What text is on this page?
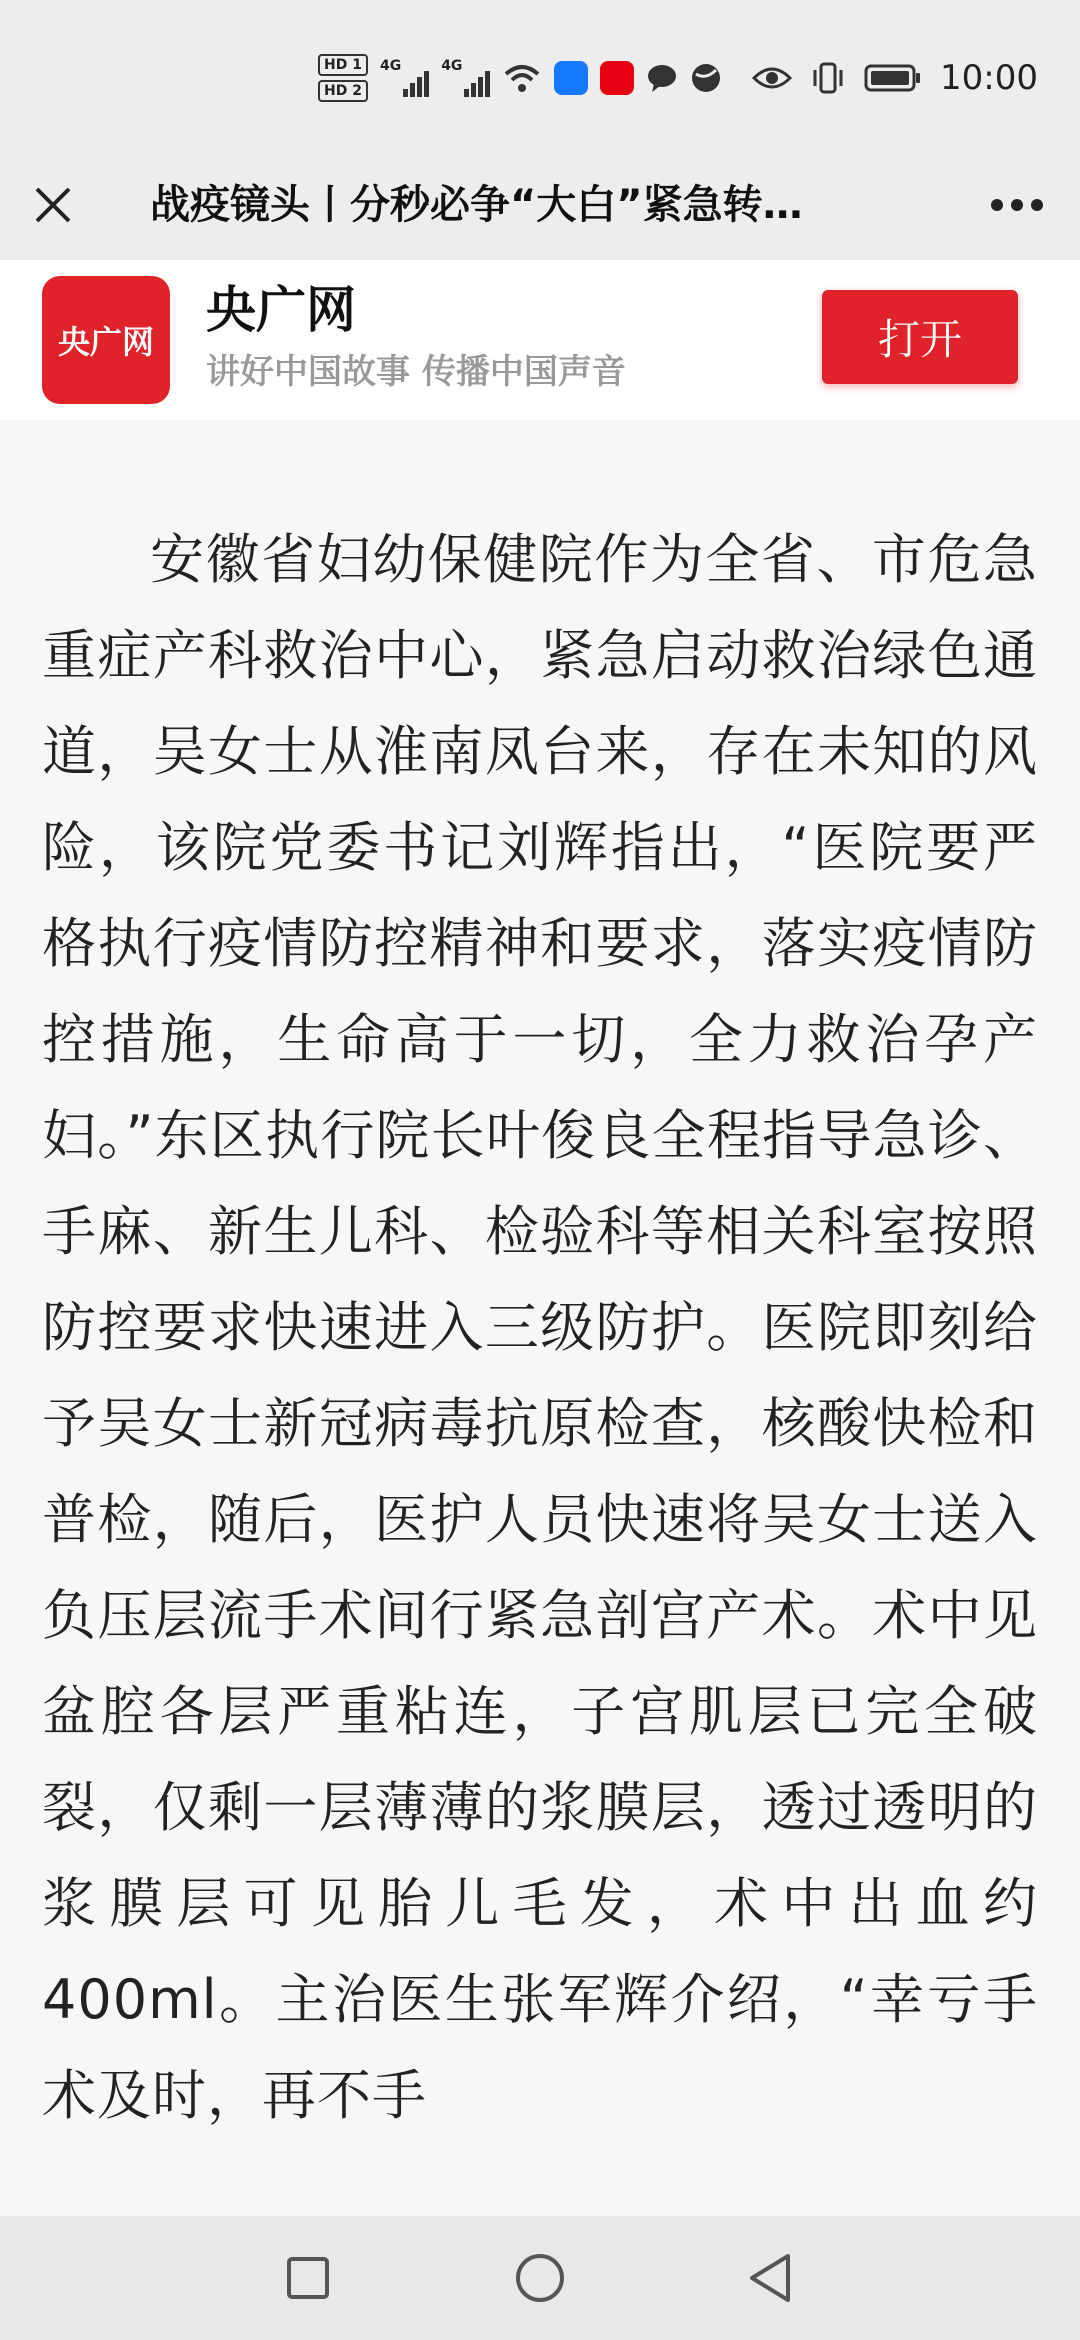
HD 1
HD 2
4G	4G	10:00
战疫镜头丨分秒必争“大白”紧急转…
央广网
央广网
讲好中国故事 传播中国声音
打开

安徽省妇幼保健院作为全省、市危急重症产科救治中心，紧急启动救治绿色通道，吴女士从淮南凤台来，存在未知的风险，该院党委书记刘辉指出，“医院要严格执行疫情防控精神和要求，落实疫情防控措施，生命高于一切，全力救治孕产妇。”东区执行院长叶俊良全程指导急诊、手麻、新生儿科、检验科等相关科室按照防控要求快速进入三级防护。医院即刻给予吴女士新冠病毒抗原检查，核酸快检和普检，随后，医护人员快速将吴女士送入负压层流手术间行紧急剖宫产术。术中见盆腔各层严重粘连，子宫肌层已完全破裂，仅剩一层薄薄的浆膜层，透过透明的浆膜层可见胎儿毛发，术中出血约400ml。主治医生张军辉介绍，“幸亏手术及时，再不手
